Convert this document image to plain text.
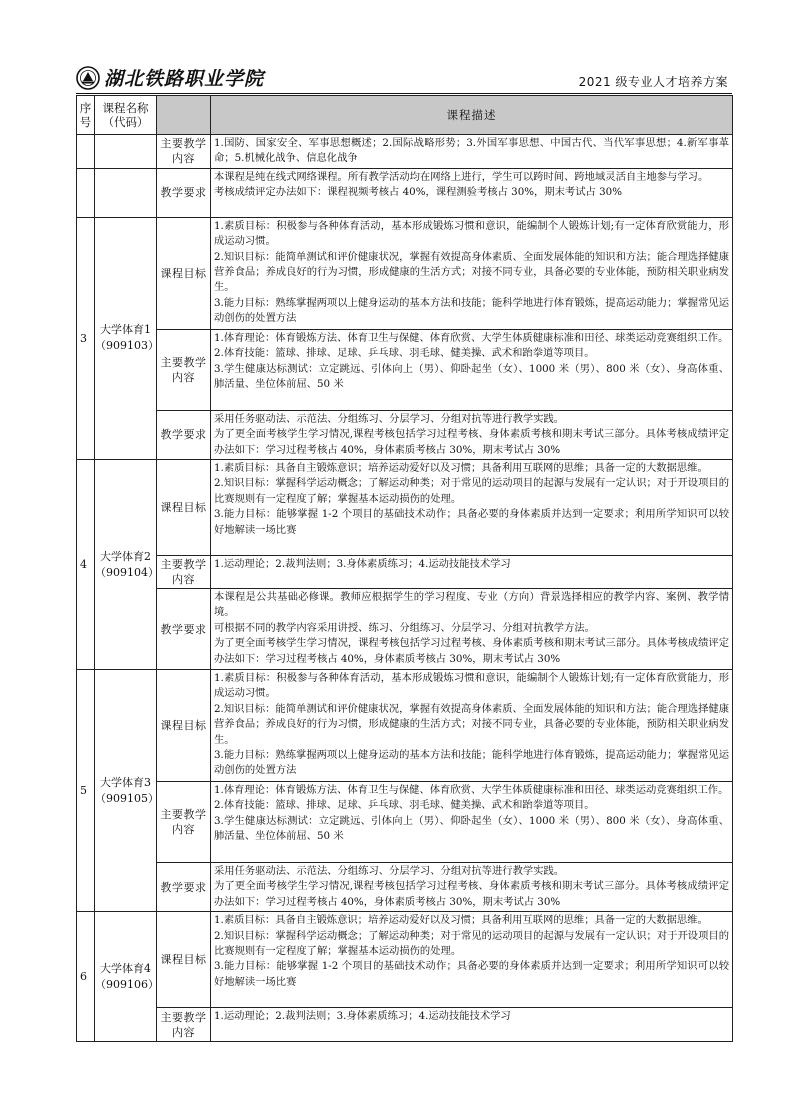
湖北铁路职业学院	2021 级专业人才培养方案
序号	课程名称（代码）		课程描述
		主要教学内容	1.国防、国家安全、军事思想概述；2.国际战略形势；3.外国军事思想、中国古代、当代军事思想；4.新军事革命；5.机械化战争、信息化战争

		教学要求	本课程是纯在线式网络课程。所有教学活动均在网络上进行，学生可以跨时间、跨地域灵活自主地参与学习。
考核成绩评定办法如下：课程视频考核占 40%，课程测验考核占 30%，期末考试占 30%

3	大学体育1（909103）	课程目标	1.素质目标：积极参与各种体育活动，基本形成锻炼习惯和意识，能编制个人锻炼计划;有一定体育欣赏能力，形成运动习惯。
2.知识目标：能简单测试和评价健康状况，掌握有效提高身体素质、全面发展体能的知识和方法；能合理选择健康营养食品；养成良好的行为习惯，形成健康的生活方式；对接不同专业，具备必要的专业体能，预防相关职业病发生。
3.能力目标：熟练掌握两项以上健身运动的基本方法和技能；能科学地进行体育锻炼，提高运动能力；掌握常见运动创伤的处置方法

		主要教学内容	1.体育理论：体育锻炼方法、体育卫生与保健、体育欣赏、大学生体质健康标准和田径、球类运动竞赛组织工作。
2.体育技能：篮球、排球、足球、乒乓球、羽毛球、健美操、武术和跆拳道等项目。
3.学生健康达标测试：立定跳远、引体向上（男）、仰卧起坐（女）、1000 米（男）、800 米（女）、身高体重、肺活量、坐位体前屈、50 米

		教学要求	采用任务驱动法、示范法、分组练习、分层学习、分组对抗等进行教学实践。
为了更全面考核学生学习情况,课程考核包括学习过程考核、身体素质考核和期末考试三部分。具体考核成绩评定办法如下：学习过程考核占 40%，身体素质考核占 30%，期末考试占 30%

4	大学体育2（909104）	课程目标	1.素质目标：具备自主锻炼意识；培养运动爱好以及习惯；具备利用互联网的思维；具备一定的大数据思维。
2.知识目标：掌握科学运动概念；了解运动种类；对于常见的运动项目的起源与发展有一定认识；对于开设项目的比赛规则有一定程度了解；掌握基本运动损伤的处理。
3.能力目标：能够掌握 1-2 个项目的基础技术动作；具备必要的身体素质并达到一定要求；利用所学知识可以较好地解读一场比赛

		主要教学内容	1.运动理论；2.裁判法则；3.身体素质练习；4.运动技能技术学习

		教学要求	本课程是公共基础必修课。教师应根据学生的学习程度、专业（方向）背景选择相应的教学内容、案例、教学情境。
可根据不同的教学内容采用讲授、练习、分组练习、分层学习、分组对抗教学方法。
为了更全面考核学生学习情况，课程考核包括学习过程考核、身体素质考核和期末考试三部分。具体考核成绩评定办法如下：学习过程考核占 40%，身体素质考核占 30%，期末考试占 30%

5	大学体育3（909105）	课程目标	1.素质目标：积极参与各种体育活动，基本形成锻炼习惯和意识，能编制个人锻炼计划;有一定体育欣赏能力，形成运动习惯。
2.知识目标：能简单测试和评价健康状况，掌握有效提高身体素质、全面发展体能的知识和方法；能合理选择健康营养食品；养成良好的行为习惯，形成健康的生活方式；对接不同专业，具备必要的专业体能，预防相关职业病发生。
3.能力目标：熟练掌握两项以上健身运动的基本方法和技能；能科学地进行体育锻炼，提高运动能力；掌握常见运动创伤的处置方法

		主要教学内容	1.体育理论：体育锻炼方法、体育卫生与保健、体育欣赏、大学生体质健康标准和田径、球类运动竞赛组织工作。
2.体育技能：篮球、排球、足球、乒乓球、羽毛球、健美操、武术和跆拳道等项目。
3.学生健康达标测试：立定跳远、引体向上（男）、仰卧起坐（女）、1000 米（男）、800 米（女）、身高体重、肺活量、坐位体前屈、50 米

		教学要求	采用任务驱动法、示范法、分组练习、分层学习、分组对抗等进行教学实践。
为了更全面考核学生学习情况,课程考核包括学习过程考核、身体素质考核和期末考试三部分。具体考核成绩评定办法如下：学习过程考核占 40%，身体素质考核占 30%，期末考试占 30%

6	大学体育4（909106）	课程目标	1.素质目标：具备自主锻炼意识；培养运动爱好以及习惯；具备利用互联网的思维；具备一定的大数据思维。
2.知识目标：掌握科学运动概念；了解运动种类；对于常见的运动项目的起源与发展有一定认识；对于开设项目的比赛规则有一定程度了解；掌握基本运动损伤的处理。
3.能力目标：能够掌握 1-2 个项目的基础技术动作；具备必要的身体素质并达到一定要求；利用所学知识可以较好地解读一场比赛

		主要教学内容	1.运动理论；2.裁判法则；3.身体素质练习；4.运动技能技术学习
